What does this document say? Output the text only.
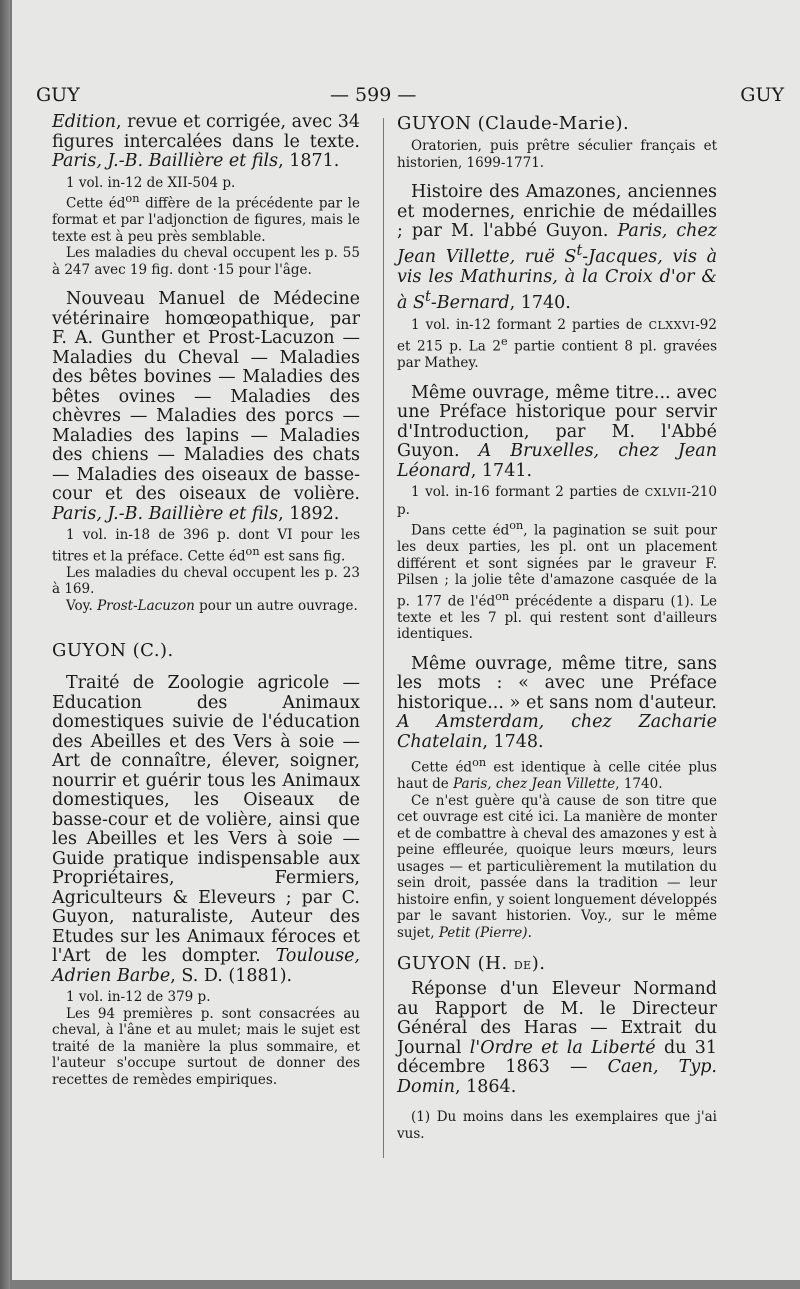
GUY	— 599 —	GUY

Edition, revue et corrigée, avec 34 figures intercalées dans le texte. Paris, J.-B. Baillière et fils, 1871.

1 vol. in-12 de XII-504 p.

Cette $éd^{on}$ diffère de la précédente par le format et par l'adjonction de figures, mais le texte est à peu près semblable.

Les maladies du cheval occupent les p. 55 à 247 avec 19 fig. dont ·15 pour l'âge.

Nouveau Manuel de Médecine vétérinaire homœopathique, par F. A. Gunther et Prost-Lacuzon — Maladies du Cheval — Maladies des bêtes bovines — Maladies des bêtes ovines — Maladies des chèvres — Maladies des porcs — Maladies des lapins — Maladies des chiens — Maladies des chats — Maladies des oiseaux de basse-cour et des oiseaux de volière. Paris, J.-B. Baillière et fils, 1892.

1 vol. in-18 de 396 p. dont VI pour les titres et la préface. Cette $éd^{on}$ est sans fig.

Les maladies du cheval occupent les p. 23 à 169.

Voy. Prost-Lacuzon pour un autre ouvrage.

GUYON (C.).

Traité de Zoologie agricole — Education des Animaux domestiques suivie de l'éducation des Abeilles et des Vers à soie — Art de connaître, élever, soigner, nourrir et guérir tous les Animaux domestiques, les Oiseaux de basse-cour et de volière, ainsi que les Abeilles et les Vers à soie — Guide pratique indispensable aux Propriétaires, Fermiers, Agriculteurs & Eleveurs ; par C. Guyon, naturaliste, Auteur des Etudes sur les Animaux féroces et l'Art de les dompter. Toulouse, Adrien Barbe, S. D. (1881).

1 vol. in-12 de 379 p.

Les 94 premières p. sont consacrées au cheval, à l'âne et au mulet; mais le sujet est traité de la manière la plus sommaire, et l'auteur s'occupe surtout de donner des recettes de remèdes empiriques.

GUYON (Claude-Marie).

Oratorien, puis prêtre séculier français et historien, 1699-1771.

Histoire des Amazones, anciennes et modernes, enrichie de médailles ; par M. l'abbé Guyon. Paris, chez Jean Villette, ruë $S^t$-Jacques, vis à vis les Mathurins, à la Croix d'or & à $S^t$-Bernard, 1740.

1 vol. in-12 formant 2 parties de CLXXVI-92 et 215 p. La 2e partie contient 8 pl. gravées par Mathey.

Même ouvrage, même titre... avec une Préface historique pour servir d'Introduction, par M. l'Abbé Guyon. A Bruxelles, chez Jean Léonard, 1741.

1 vol. in-16 formant 2 parties de CXLVII-210 p.

Dans cette $éd^{on}$, la pagination se suit pour les deux parties, les pl. ont un placement différent et sont signées par le graveur F. Pilsen ; la jolie tête d'amazone casquée de la p. 177 de $l'éd^{on}$ précédente a disparu (1). Le texte et les 7 pl. qui restent sont d'ailleurs identiques.

Même ouvrage, même titre, sans les mots : « avec une Préface historique... » et sans nom d'auteur. A Amsterdam, chez Zacharie Chatelain, 1748.

Cette $éd^{on}$ est identique à celle citée plus haut de Paris, chez Jean Villette, 1740.

Ce n'est guère qu'à cause de son titre que cet ouvrage est cité ici. La manière de monter et de combattre à cheval des amazones y est à peine effleurée, quoique leurs mœurs, leurs usages — et particulièrement la mutilation du sein droit, passée dans la tradition — leur histoire enfin, y soient longuement développés par le savant historien. Voy., sur le même sujet, Petit (Pierre).

GUYON (H. DE).

Réponse d'un Eleveur Normand au Rapport de M. le Directeur Général des Haras — Extrait du Journal l'Ordre et la Liberté du 31 décembre 1863 — Caen, Typ. Domin, 1864.

(1) Du moins dans les exemplaires que j'ai vus.
